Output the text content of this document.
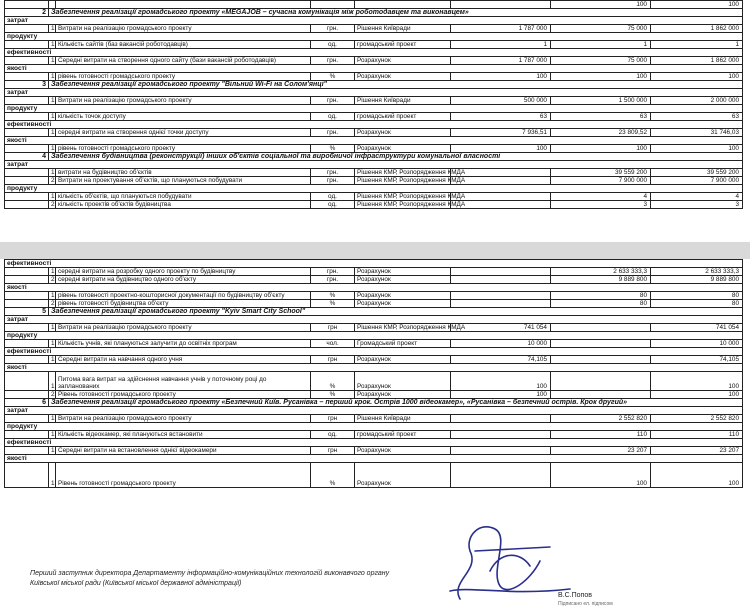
						100	100
2	Забезпечення реалізації громадського проекту «MEGAJOB – сучасна комунікація між роботодавцем та виконавцем»						
затрат							
	1	Витрати на реалізацію громадського проекту	грн.	Рішення Київради	1 787 000	75 000	1 862 000
продукту							
	1	Кількість сайтів (баз вакансій роботодавців)	од.	громадський проект	1	1	1
ефективності							
	1	Середні витрати на створення одного сайту (бази вакансій роботодавців)	грн.	Розрахунок	1 787 000	75 000	1 862 000
якості							
	1	рівень готовності громадського проекту	%	Розрахунок	100	100	100
3	Забезпечення реалізації громадського проекту "Вільний Wi-Fi на Солом'янці"						
затрат							
	1	Витрати на реалізацію громадського проекту	грн.	Рішення Київради	500 000	1 500 000	2 000 000
продукту							
	1	кількість точок доступу	од.	громадський проект	63	63	63
ефективності							
	1	середні витрати на створення однієї точки доступу	грн.	Розрахунок	7 936,51	23 809,52	31 746,03
якості							
	1	рівень готовності громадського проекту	%	Розрахунок	100	100	100
4	Забезпечення будівництва (реконструкції) інших об'єктів соціальної та виробничої інфраструктури комунальної власності						
затрат							
	1	витрати на будівництво об'єктів	грн.	Рішення КМР, Розпорядження КМДА		39 559 200	39 559 200
	2	Витрати на проектування об'єктів, що плануються побудувати	грн.	Рішення КМР, Розпорядження КМДА		7 900 000	7 900 000
продукту							
	1	кількість об'єктів, що плануються побудувати	од.	Рішення КМР, Розпорядження КМДА		4	4
	2	кількість проектів об'єктів будівництва	од.	Рішення КМР, Розпорядження КМДА		3	3
ефективності							
	1	середні витрати на розробку одного проекту по будівництву	грн.	Розрахунок		2 633 333,3	2 633 333,3
	2	середні витрати на будівництво одного об'єкту	грн.	Розрахунок		9 889 800	9 889 800
якості							
	1	рівень готовності проектно-кошторисної документації по будівництву об'єкту	%	Розрахунок		80	80
	2	рівень готовності будівництва об'єкту	%	Розрахунок		80	80
5	Забезпечення реалізації громадського проекту "Kyiv Smart City School"						
затрат							
	1	Витрати на реалізацію громадського проекту	грн	Рішення КМР, Розпорядження КМДА	741 054		741 054
продукту							
	1	Кількість учнів, які плануються залучити до освітніх програм	чол.	Громадський проект	10 000		10 000
ефективності							
	1	Середні витрати на навчання одного учня	грн	Розрахунок	74,105		74,105
якості							
	1	Питома вага витрат на здійснення навчання учнів у поточному році до запланованих	%	Розрахунок	100		100
	2	Рівень готовності громадського проекту	%	Розрахунок	100		100
6	Забезпечення реалізації громадського проекту «Безпечний Київ. Русанівка – перший крок. Острів 1000 відеокамер», «Русанівка – безпечний острів. Крок другий»						
затрат							
	1	Витрати на реалізацію громадського проекту	грн	Рішення Київради		2 552 820	2 552 820
продукту							
	1	Кількість відеокамер, які плануються встановити	од.	громадський проект		110	110
ефективності							
	1	Середні витрати на встановлення однієї відеокамери	грн	Розрахунок		23 207	23 207
якості							
	1	Рівень готовності громадського проекту	%	Розрахунок		100	100
Перший заступник директора Департаменту інформаційно-комунікаційних технологій виконавчого органу
Київської міської ради (Київської міської державної адміністрації)
В.С.Попов
Підписано ел. підписом
